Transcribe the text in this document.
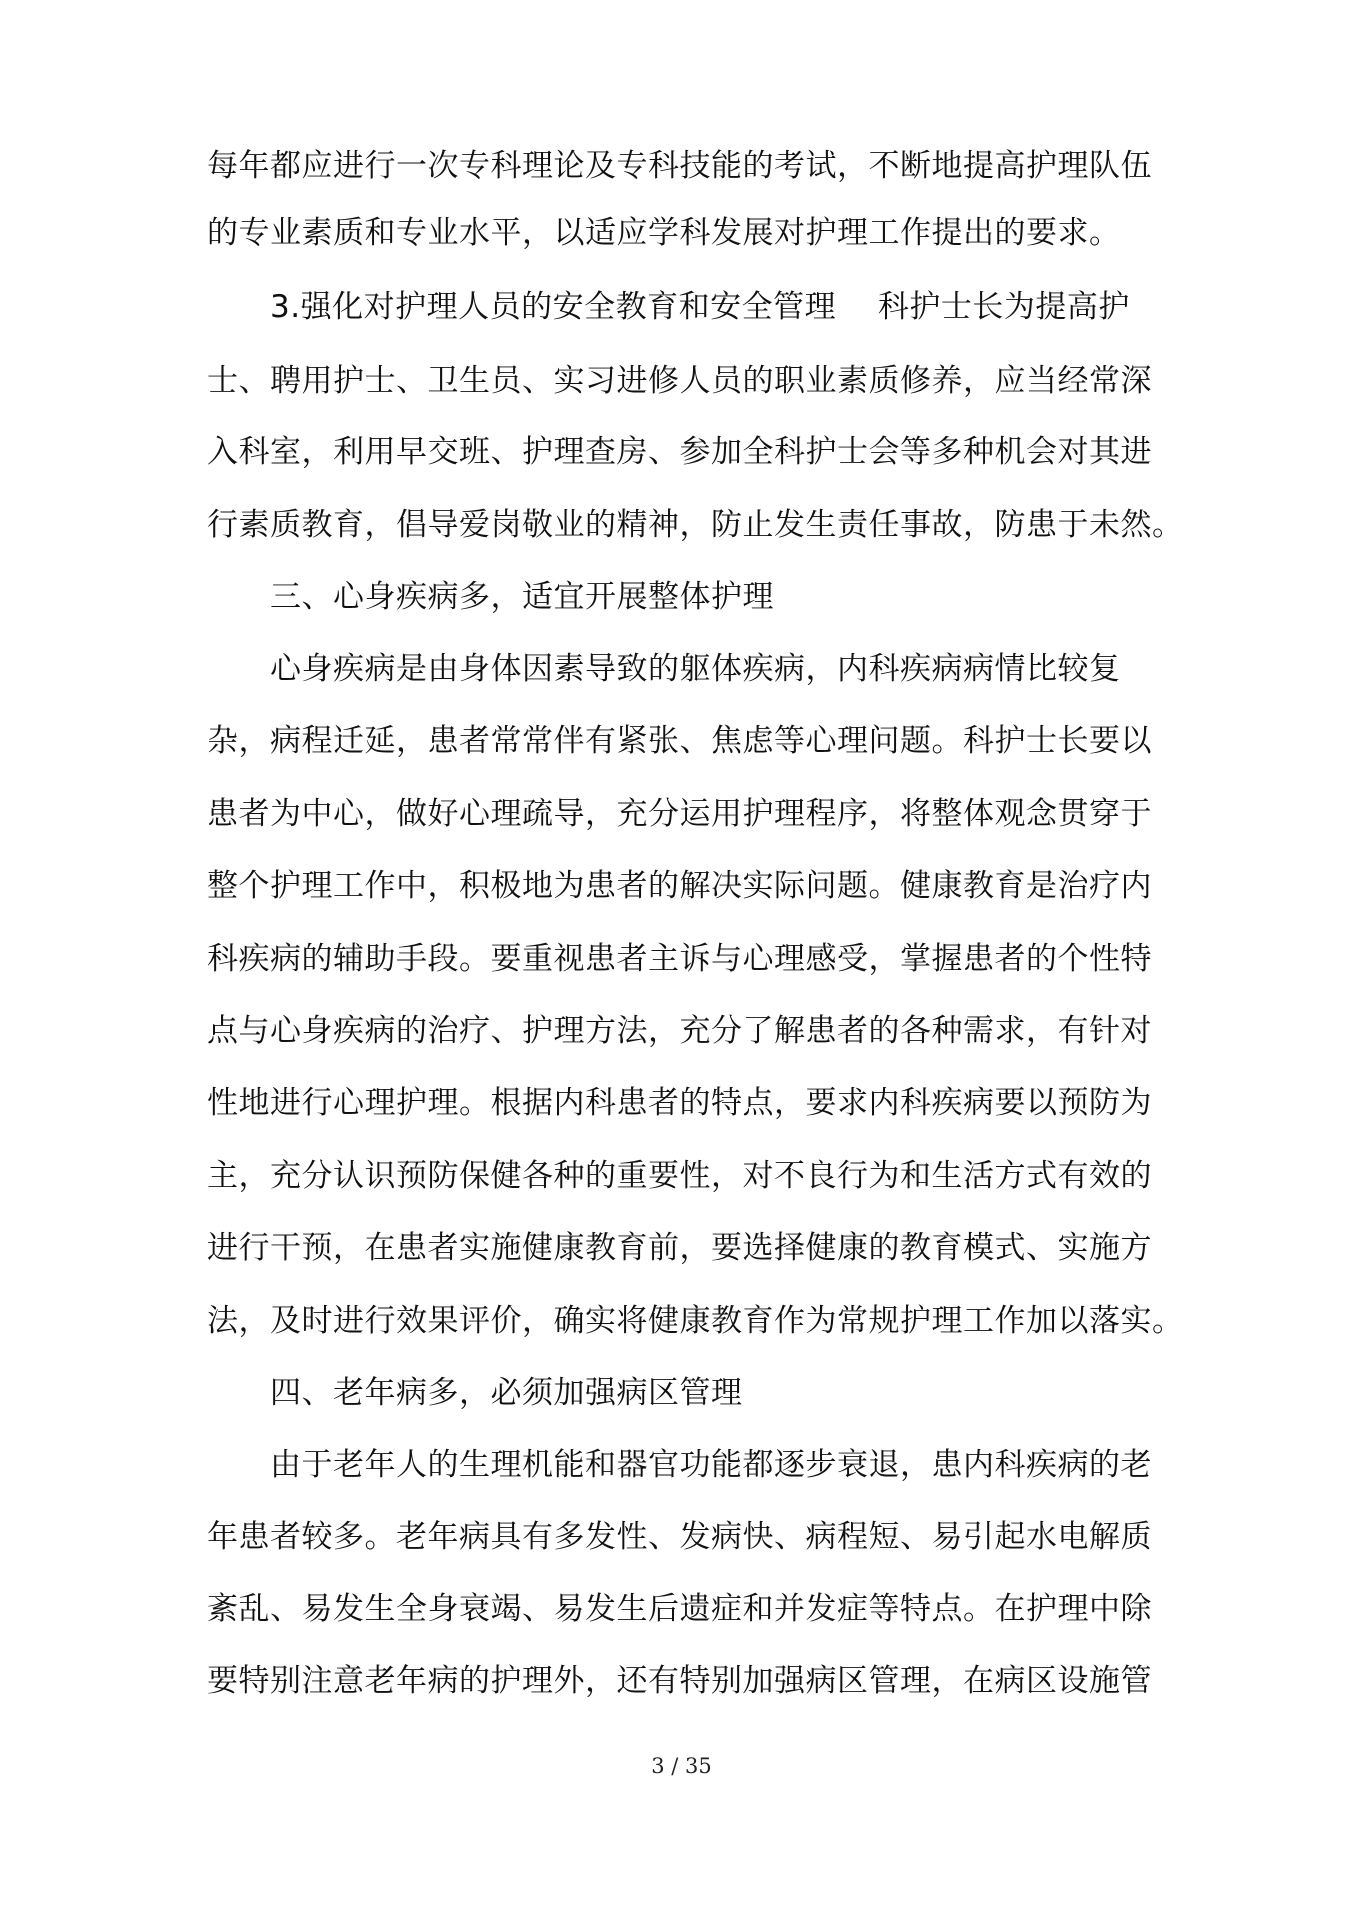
每年都应进行一次专科理论及专科技能的考试，不断地提高护理队伍
的专业素质和专业水平，以适应学科发展对护理工作提出的要求。
3.强化对护理人员的安全教育和安全管理　 科护士长为提高护
士、聘用护士、卫生员、实习进修人员的职业素质修养，应当经常深
入科室，利用早交班、护理查房、参加全科护士会等多种机会对其进
行素质教育，倡导爱岗敬业的精神，防止发生责任事故，防患于未然。
三、心身疾病多，适宜开展整体护理
心身疾病是由身体因素导致的躯体疾病，内科疾病病情比较复
杂，病程迁延，患者常常伴有紧张、焦虑等心理问题。科护士长要以
患者为中心，做好心理疏导，充分运用护理程序，将整体观念贯穿于
整个护理工作中，积极地为患者的解决实际问题。健康教育是治疗内
科疾病的辅助手段。要重视患者主诉与心理感受，掌握患者的个性特
点与心身疾病的治疗、护理方法，充分了解患者的各种需求，有针对
性地进行心理护理。根据内科患者的特点，要求内科疾病要以预防为
主，充分认识预防保健各种的重要性，对不良行为和生活方式有效的
进行干预，在患者实施健康教育前，要选择健康的教育模式、实施方
法，及时进行效果评价，确实将健康教育作为常规护理工作加以落实。
四、老年病多，必须加强病区管理
由于老年人的生理机能和器官功能都逐步衰退，患内科疾病的老
年患者较多。老年病具有多发性、发病快、病程短、易引起水电解质
紊乱、易发生全身衰竭、易发生后遗症和并发症等特点。在护理中除
要特别注意老年病的护理外，还有特别加强病区管理，在病区设施管
3 / 35
